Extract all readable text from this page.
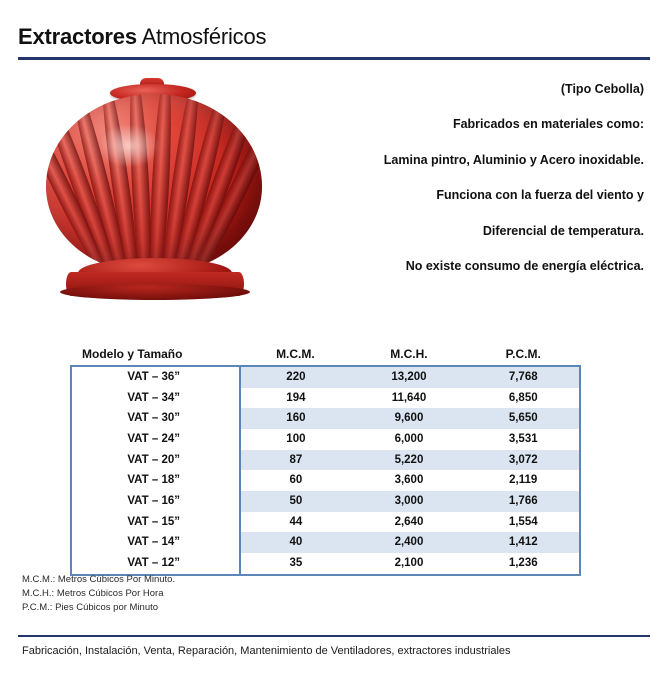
Extractores Atmosféricos
(Tipo Cebolla)
Fabricados en materiales como:
Lamina pintro, Aluminio y Acero inoxidable.
Funciona con la fuerza del viento y
Diferencial de temperatura.
No existe consumo de energía eléctrica.
Modelo y Tamaño	M.C.M.	M.C.H.	P.C.M.
VAT – 36”	220	13,200	7,768
VAT – 34”	194	11,640	6,850
VAT – 30”	160	9,600	5,650
VAT – 24”	100	6,000	3,531
VAT – 20”	87	5,220	3,072
VAT – 18”	60	3,600	2,119
VAT – 16”	50	3,000	1,766
VAT – 15”	44	2,640	1,554
VAT – 14”	40	2,400	1,412
VAT – 12”	35	2,100	1,236
M.C.M.: Metros Cúbicos Por Minuto.
M.C.H.: Metros Cúbicos Por Hora
P.C.M.: Pies Cúbicos por Minuto
Fabricación, Instalación, Venta, Reparación, Mantenimiento de Ventiladores, extractores industriales
